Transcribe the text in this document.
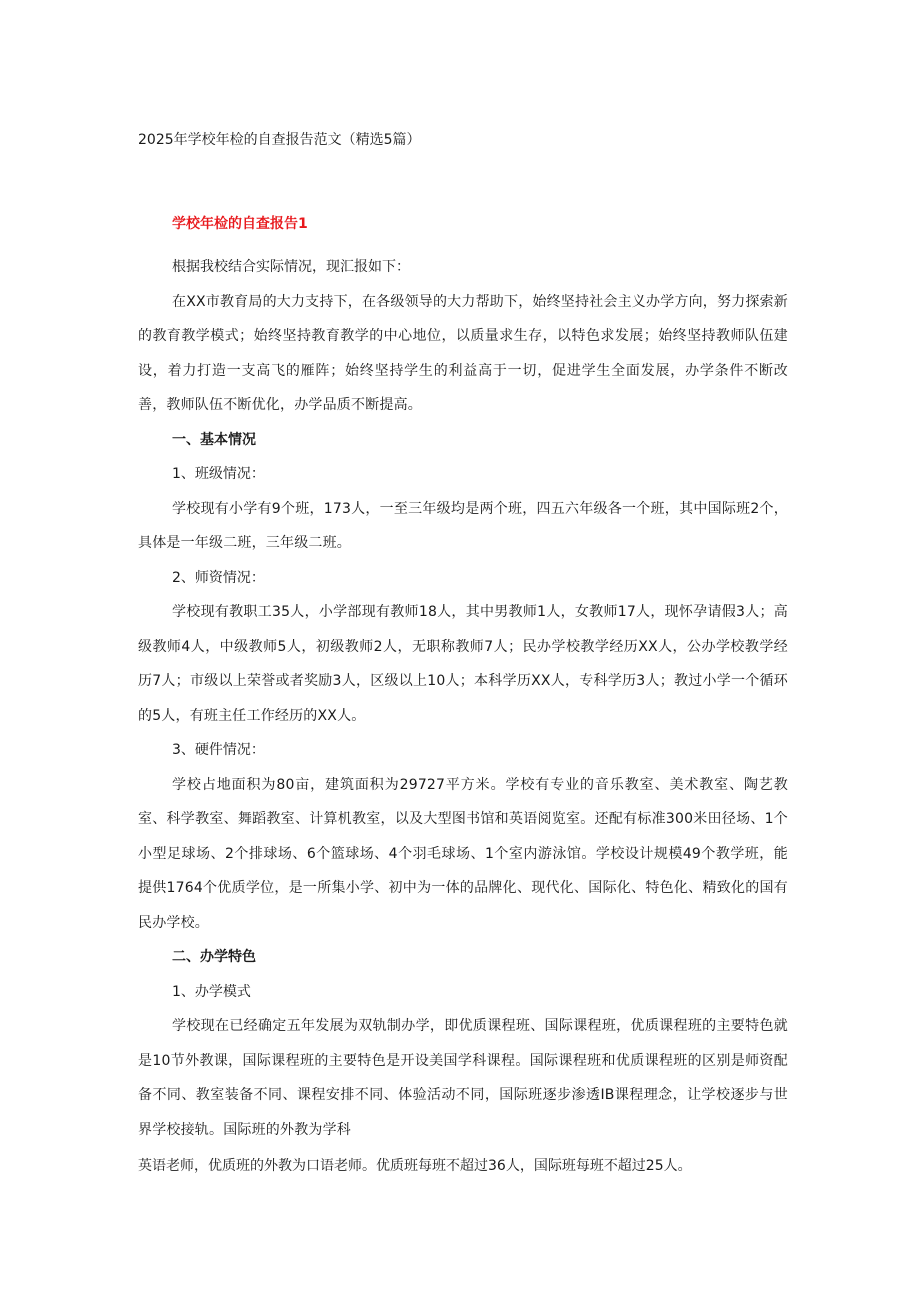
2025年学校年检的自查报告范文（精选5篇）
学校年检的自查报告1
根据我校结合实际情况，现汇报如下：
在XX市教育局的大力支持下，在各级领导的大力帮助下，始终坚持社会主义办学方向，努力探索新的教育教学模式；始终坚持教育教学的中心地位，以质量求生存，以特色求发展；始终坚持教师队伍建设，着力打造一支高飞的雁阵；始终坚持学生的利益高于一切，促进学生全面发展，办学条件不断改善，教师队伍不断优化，办学品质不断提高。
一、基本情况
1、班级情况：
学校现有小学有9个班，173人，一至三年级均是两个班，四五六年级各一个班，其中国际班2个，具体是一年级二班，三年级二班。
2、师资情况：
学校现有教职工35人，小学部现有教师18人，其中男教师1人，女教师17人，现怀孕请假3人；高级教师4人，中级教师5人，初级教师2人，无职称教师7人；民办学校教学经历XX人，公办学校教学经历7人；市级以上荣誉或者奖励3人，区级以上10人；本科学历XX人，专科学历3人；教过小学一个循环的5人，有班主任工作经历的XX人。
3、硬件情况：
学校占地面积为80亩，建筑面积为29727平方米。学校有专业的音乐教室、美术教室、陶艺教室、科学教室、舞蹈教室、计算机教室，以及大型图书馆和英语阅览室。还配有标准300米田径场、1个小型足球场、2个排球场、6个篮球场、4个羽毛球场、1个室内游泳馆。学校设计规模49个教学班，能提供1764个优质学位，是一所集小学、初中为一体的品牌化、现代化、国际化、特色化、精致化的国有民办学校。
二、办学特色
1、办学模式
学校现在已经确定五年发展为双轨制办学，即优质课程班、国际课程班，优质课程班的主要特色就是10节外教课，国际课程班的主要特色是开设美国学科课程。国际课程班和优质课程班的区别是师资配备不同、教室装备不同、课程安排不同、体验活动不同，国际班逐步渗透IB课程理念，让学校逐步与世界学校接轨。国际班的外教为学科
英语老师，优质班的外教为口语老师。优质班每班不超过36人，国际班每班不超过25人。
